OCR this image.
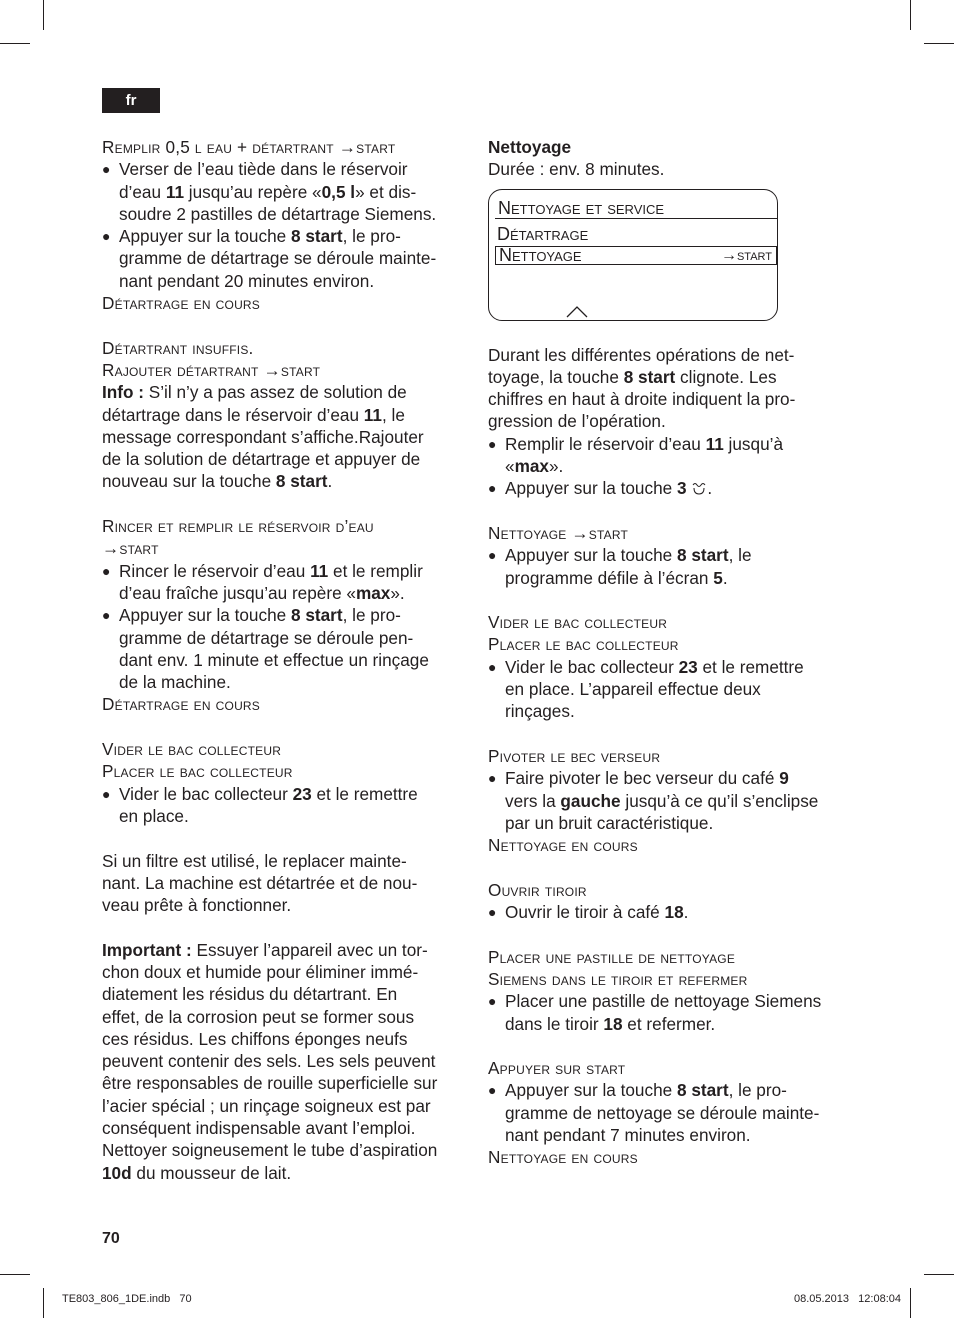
fr
Remplir 0,5 l eau + détartrant →start
● Verser de l’eau tiède dans le réservoir
d’eau 11 jusqu’au repère «0,5 l» et dis-
soudre 2 pastilles de détartrage Siemens.
● Appuyer sur la touche 8 start, le pro-
gramme de détartrage se déroule mainte-
nant pendant 20 minutes environ.
Détartrage en cours
Détartrant insuffis.
Rajouter détartrant →start
Info : S’il n’y a pas assez de solution de
détartrage dans le réservoir d’eau 11, le
message correspondant s’affiche.Rajouter
de la solution de détartrage et appuyer de
nouveau sur la touche 8 start.
Rincer et remplir le réservoir d’eau
→start
● Rincer le réservoir d’eau 11 et le remplir
d’eau fraîche jusqu’au repère «max».
● Appuyer sur la touche 8 start, le pro-
gramme de détartrage se déroule pen-
dant env. 1 minute et effectue un rinçage
de la machine.
Détartrage en cours
Vider le bac collecteur
Placer le bac collecteur
● Vider le bac collecteur 23 et le remettre
en place.
Si un filtre est utilisé, le replacer mainte-
nant. La machine est détartrée et de nou-
veau prête à fonctionner.
Important : Essuyer l’appareil avec un tor-
chon doux et humide pour éliminer immé-
diatement les résidus du détartrant. En
effet, de la corrosion peut se former sous
ces résidus. Les chiffons éponges neufs
peuvent contenir des sels. Les sels peuvent
être responsables de rouille superficielle sur
l’acier spécial ; un rinçage soigneux est par
conséquent indispensable avant l’emploi.
Nettoyer soigneusement le tube d’aspiration
10d du mousseur de lait.
Nettoyage
Durée : env. 8 minutes.
Nettoyage et service
Détartrage
Nettoyage	→start
Durant les différentes opérations de net-
toyage, la touche 8 start clignote. Les
chiffres en haut à droite indiquent la pro-
gression de l’opération.
● Remplir le réservoir d’eau 11 jusqu’à
«max».
● Appuyer sur la touche 3 .
Nettoyage →start
● Appuyer sur la touche 8 start, le
programme défile à l’écran 5.
Vider le bac collecteur
Placer le bac collecteur
● Vider le bac collecteur 23 et le remettre
en place. L’appareil effectue deux
rinçages.
Pivoter le bec verseur
● Faire pivoter le bec verseur du café 9
vers la gauche jusqu’à ce qu’il s’enclipse
par un bruit caractéristique.
Nettoyage en cours
Ouvrir tiroir
● Ouvrir le tiroir à café 18.
Placer une pastille de nettoyage
Siemens dans le tiroir et refermer
● Placer une pastille de nettoyage Siemens
dans le tiroir 18 et refermer.
Appuyer sur start
● Appuyer sur la touche 8 start, le pro-
gramme de nettoyage se déroule mainte-
nant pendant 7 minutes environ.
Nettoyage en cours
70
TE803_806_1DE.indb   70	08.05.2013   12:08:04
